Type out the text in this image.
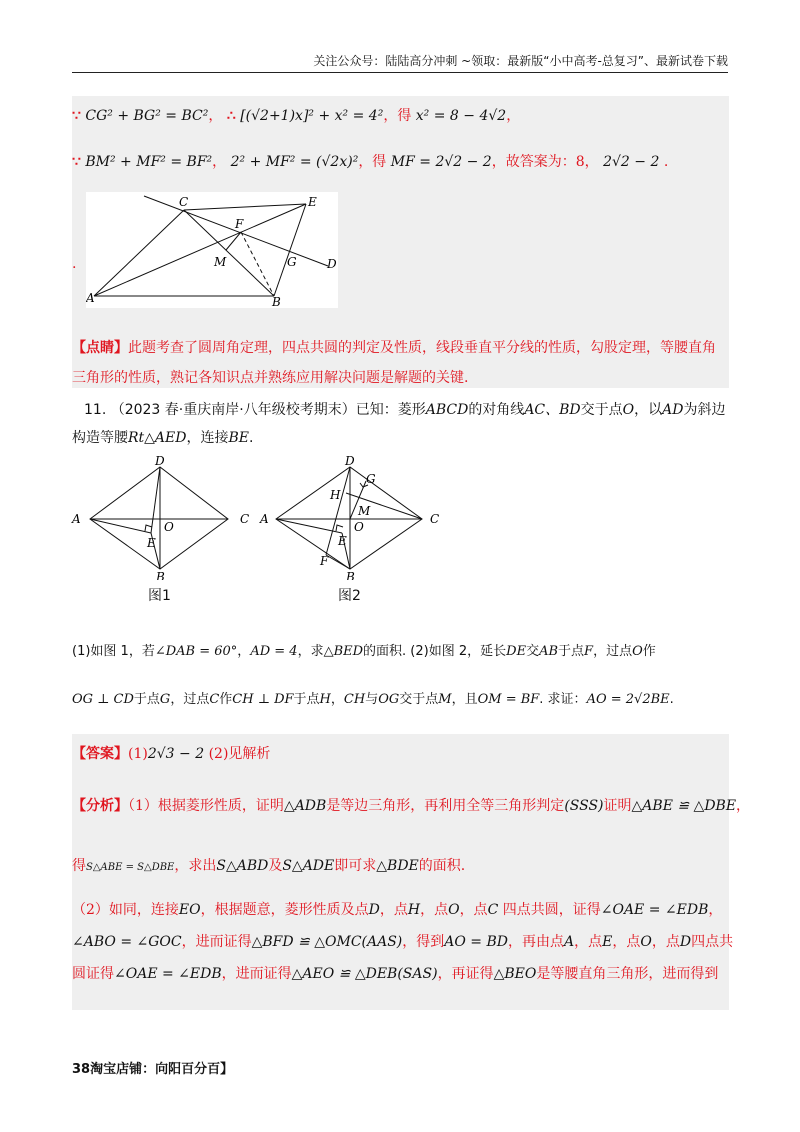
关注公众号：陆陆高分冲刺 ~领取：最新版“小中高考-总复习”、最新试卷下载
∵ CG² + BG² = BC²， ∴ [(√2+1)x]² + x² = 4²，得 x² = 8 − 4√2，
∵ BM² + MF² = BF²， 2² + MF² = (√2x)²，得 MF = 2√2 − 2，故答案为：8， 2√2 − 2 .
.
A	B
C
D
E
F
G
M
【点睛】此题考查了圆周角定理，四点共圆的判定及性质，线段垂直平分线的性质，勾股定理，等腰直角
三角形的性质，熟记各知识点并熟练应用解决问题是解题的关键.
11. （2023 春·重庆南岸·八年级校考期末）已知：菱形ABCD的对角线AC、BD交于点O，以AD为斜边
构造等腰Rt△AED，连接BE.
A
B
C
D
E
O
图1
A
B
C
D
E
O
F
G
H
M
图2
(1)如图 1，若∠DAB = 60°，AD = 4，求△BED的面积. (2)如图 2，延长DE交AB于点F，过点O作
OG ⊥ CD于点G，过点C作CH ⊥ DF于点H，CH与OG交于点M，且OM = BF. 求证：AO = 2√2BE.
【答案】(1)2√3 − 2 (2)见解析
【分析】（1）根据菱形性质，证明△ADB是等边三角形，再利用全等三角形判定(SSS)证明△ABE ≌ △DBE，
得S△ABE = S△DBE，求出S△ABD及S△ADE即可求△BDE的面积.
（2）如同，连接EO，根据题意，菱形性质及点D，点H，点O，点C 四点共圆，证得∠OAE = ∠EDB，
∠ABO = ∠GOC，进而证得△BFD ≌ △OMC(AAS)，得到AO = BD，再由点A，点E，点O，点D四点共
圆证得∠OAE = ∠EDB，进而证得△AEO ≌ △DEB(SAS)，再证得△BEO是等腰直角三角形，进而得到
38淘宝店铺：向阳百分百】
